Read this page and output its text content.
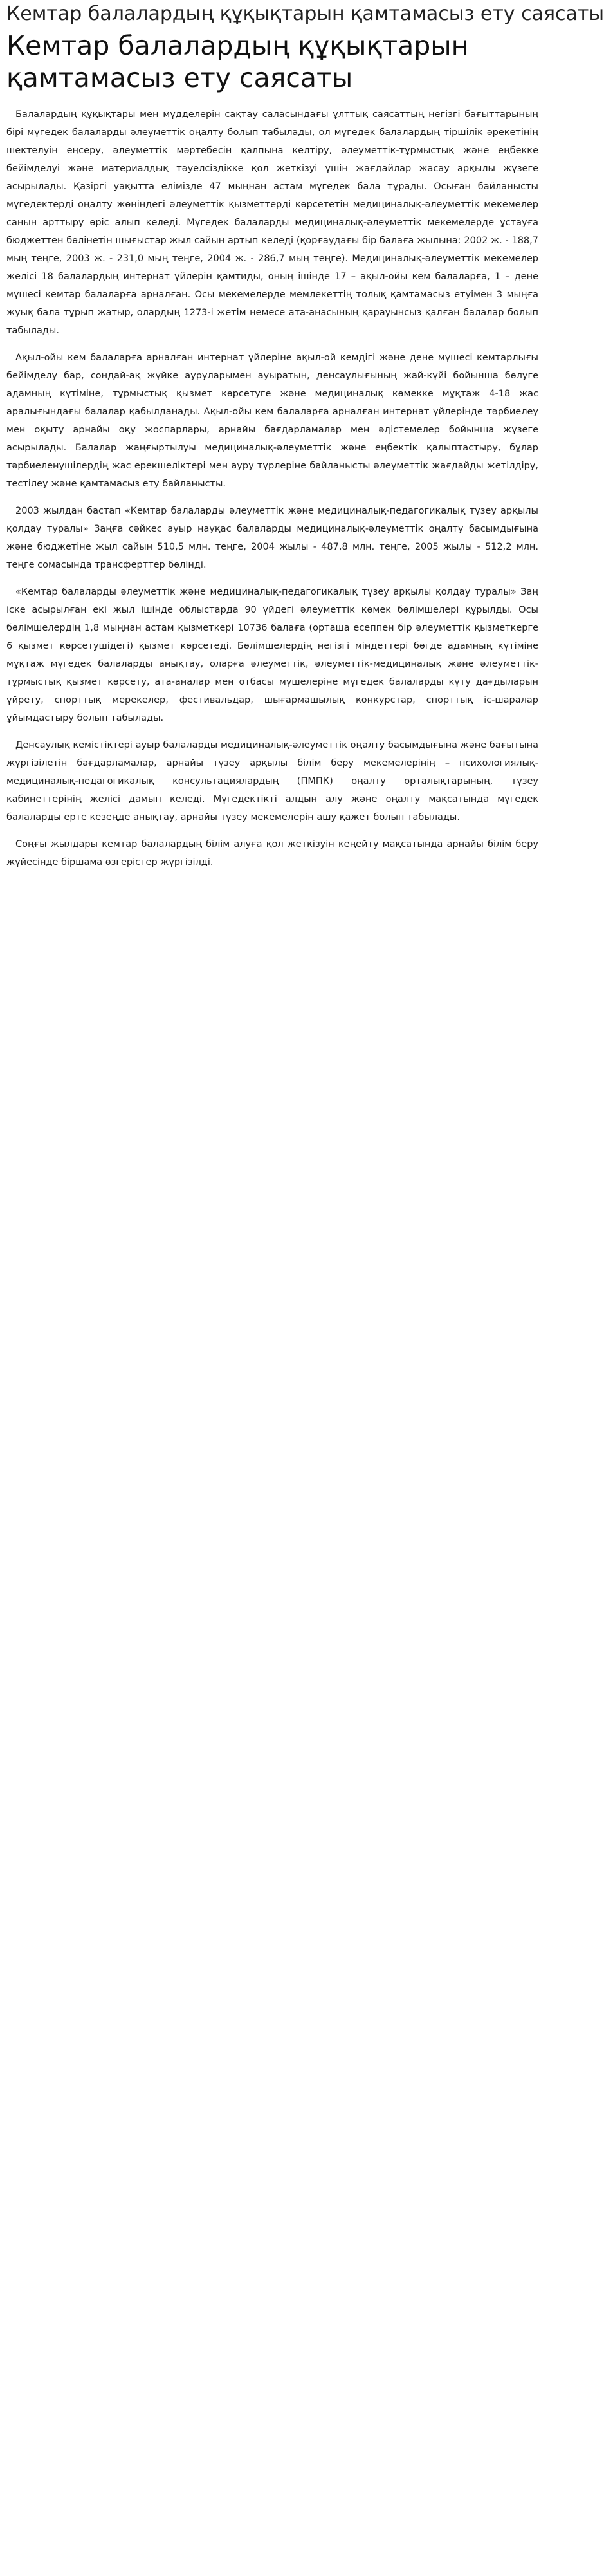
Кемтар балалардың құқықтарын қамтамасыз ету саясаты
Кемтар балалардың құқықтарын қамтамасыз ету саясаты

Балалардың құқықтары мен мүдделерін сақтау саласындағы ұлттық саясаттың негізгі бағыттарының бірі мүгедек балаларды әлеуметтік оңалту болып табылады, ол мүгедек балалардың тіршілік әрекетінің шектелуін еңсеру, әлеуметтік мәртебесін қалпына келтіру, әлеуметтік-тұрмыстық және еңбекке бейімделуі және материалдық тәуелсіздікке қол жеткізуі үшін жағдайлар жасау арқылы жүзеге асырылады. Қазіргі уақытта елімізде 47 мыңнан астам мүгедек бала тұрады. Осыған байланысты мүгедектерді оңалту жөніндегі әлеуметтік қызметтерді көрсететін медициналық-әлеуметтік мекемелер санын арттыру өріс алып келеді. Мүгедек балаларды медициналық-әлеуметтік мекемелерде ұстауға бюджеттен бөлінетін шығыстар жыл сайын артып келеді (қорғаудағы бір балаға жылына: 2002 ж. - 188,7 мың теңге, 2003 ж. - 231,0 мың теңге, 2004 ж. - 286,7 мың теңге). Медициналық-әлеуметтік мекемелер желісі 18 балалардың интернат үйлерін қамтиды, оның ішінде 17 – ақыл-ойы кем балаларға, 1 – дене мүшесі кемтар балаларға арналған. Осы мекемелерде мемлекеттің толық қамтамасыз етуімен 3 мыңға жуық бала тұрып жатыр, олардың 1273-і жетім немесе ата-анасының қарауынсыз қалған балалар болып табылады.

Ақыл-ойы кем балаларға арналған интернат үйлеріне ақыл-ой кемдігі және дене мүшесі кемтарлығы бейімделу бар, сондай-ақ жүйке ауруларымен ауыратын, денсаулығының жай-күйі бойынша бөлуге адамның күтіміне, тұрмыстық қызмет көрсетуге және медициналық көмекке мұқтаж 4-18 жас аралығындағы балалар қабылданады. Ақыл-ойы кем балаларға арналған интернат үйлерінде тәрбиелеу мен оқыту арнайы оқу жоспарлары, арнайы бағдарламалар мен әдістемелер бойынша жүзеге асырылады. Балалар жаңғыртылуы медициналық-әлеуметтік және еңбектік қалыптастыру, бұлар тәрбиеленушілердің жас ерекшеліктері мен ауру түрлеріне байланысты әлеуметтік жағдайды жетілдіру, тестілеу және қамтамасыз ету байланысты.

2003 жылдан бастап «Кемтар балаларды әлеуметтік және медициналық-педагогикалық түзеу арқылы қолдау туралы» Заңға сәйкес ауыр науқас балаларды медициналық-әлеуметтік оңалту басымдығына және бюджетіне жыл сайын 510,5 млн. теңге, 2004 жылы - 487,8 млн. теңге, 2005 жылы - 512,2 млн. теңге сомасында трансферттер бөлінді.

«Кемтар балаларды әлеуметтік және медициналық-педагогикалық түзеу арқылы қолдау туралы» Заң іске асырылған екі жыл ішінде облыстарда 90 үйдегі әлеуметтік көмек бөлімшелері құрылды. Осы бөлімшелердің 1,8 мыңнан астам қызметкері 10736 балаға (орташа есеппен бір әлеуметтік қызметкерге 6 қызмет көрсетушідегі) қызмет көрсетеді. Бөлімшелердің негізгі міндеттері бөгде адамның күтіміне мұқтаж мүгедек балаларды анықтау, оларға әлеуметтік, әлеуметтік-медициналық және әлеуметтік-тұрмыстық қызмет көрсету, ата-аналар мен отбасы мүшелеріне мүгедек балаларды күту дағдыларын үйрету, спорттық мерекелер, фестивальдар, шығармашылық конкурстар, спорттық іс-шаралар ұйымдастыру болып табылады.

Денсаулық кемістіктері ауыр балаларды медициналық-әлеуметтік оңалту басымдығына және бағытына жүргізілетін бағдарламалар, арнайы түзеу арқылы білім беру мекемелерінің – психологиялық-медициналық-педагогикалық консультациялардың (ПМПК) оңалту орталықтарының, түзеу кабинеттерінің желісі дамып келеді. Мүгедектікті алдын алу және оңалту мақсатында мүгедек балаларды ерте кезеңде анықтау, арнайы түзеу мекемелерін ашу қажет болып табылады.

Соңғы жылдары кемтар балалардың білім алуға қол жеткізуін кеңейту мақсатында арнайы білім беру жүйесінде біршама өзгерістер жүргізілді.
